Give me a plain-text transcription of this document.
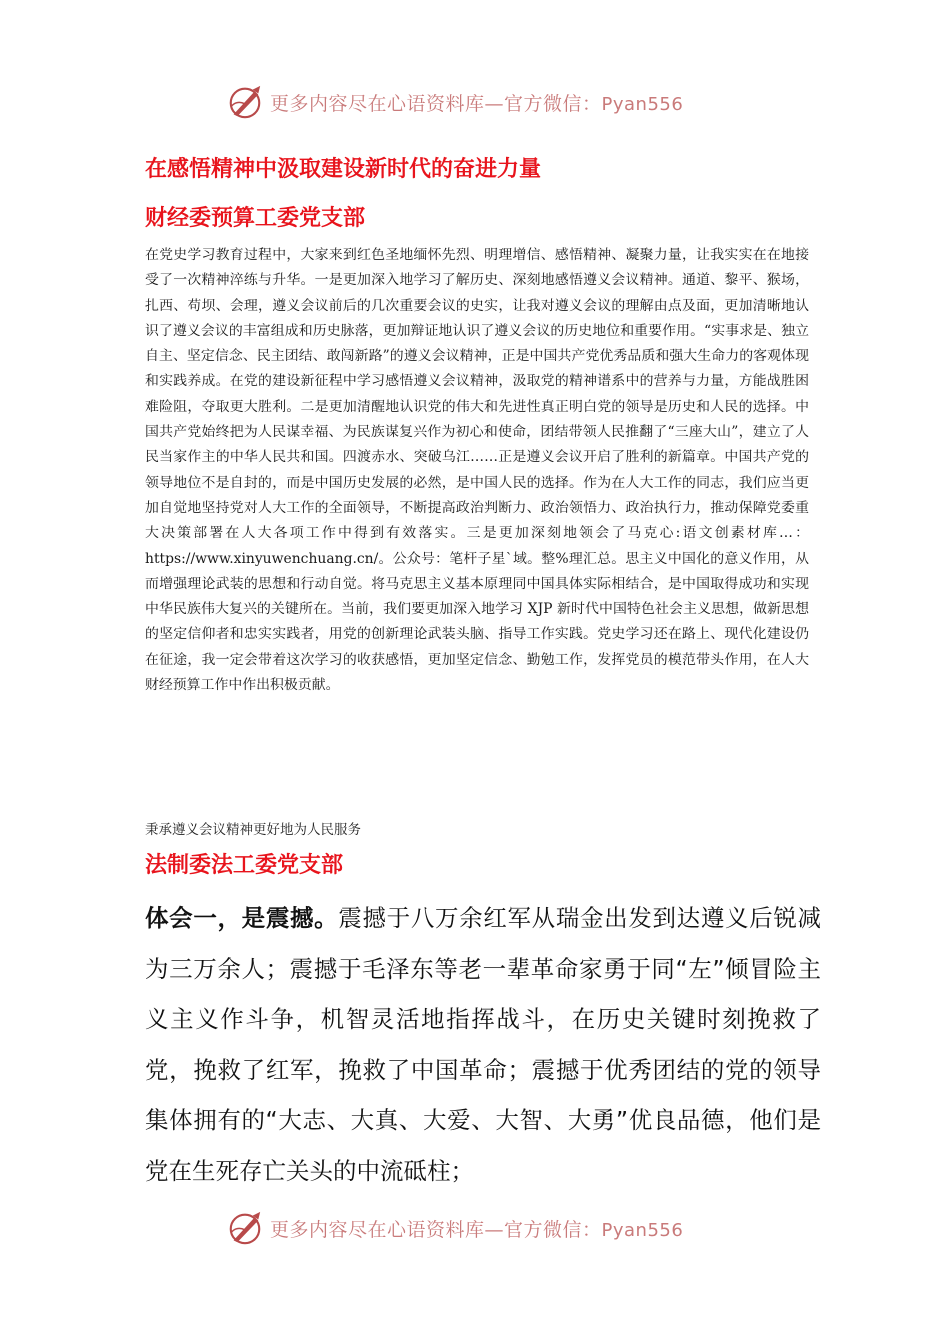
更多内容尽在心语资料库—官方微信：Pyan556
在感悟精神中汲取建设新时代的奋进力量
财经委预算工委党支部

在党史学习教育过程中，大家来到红色圣地缅怀先烈、明理增信、感悟精神、凝聚力量，让我实实在在地接受了一次精神淬练与升华。一是更加深入地学习了解历史、深刻地感悟遵义会议精神。通道、黎平、猴场，扎西、苟坝、会理，遵义会议前后的几次重要会议的史实，让我对遵义会议的理解由点及面，更加清晰地认识了遵义会议的丰富组成和历史脉落，更加辩证地认识了遵义会议的历史地位和重要作用。“实事求是、独立自主、坚定信念、民主团结、敢闯新路”的遵义会议精神，正是中国共产党优秀品质和强大生命力的客观体现和实践养成。在党的建设新征程中学习感悟遵义会议精神，汲取党的精神谱系中的营养与力量，方能战胜困难险阻，夺取更大胜利。二是更加清醒地认识党的伟大和先进性真正明白党的领导是历史和人民的选择。中国共产党始终把为人民谋幸福、为民族谋复兴作为初心和使命，团结带领人民推翻了“三座大山”，建立了人民当家作主的中华人民共和国。四渡赤水、突破乌江……正是遵义会议开启了胜利的新篇章。中国共产党的领导地位不是自封的，而是中国历史发展的必然，是中国人民的选择。作为在人大工作的同志，我们应当更加自觉地坚持党对人大工作的全面领导，不断提高政治判断力、政治领悟力、政治执行力，推动保障党委重大决策部署在人大各项工作中得到有效落实。三是更加深刻地领会了马克心:语文创素材库…：https://www.xinyuwenchuang.cn/。公众号：笔杆子星`域。整%理汇总。思主义中国化的意义作用，从而增强理论武装的思想和行动自觉。将马克思主义基本原理同中国具体实际相结合，是中国取得成功和实现中华民族伟大复兴的关键所在。当前，我们要更加深入地学习 XJP 新时代中国特色社会主义思想，做新思想的坚定信仰者和忠实实践者，用党的创新理论武装头脑、指导工作实践。党史学习还在路上、现代化建设仍在征途，我一定会带着这次学习的收获感悟，更加坚定信念、勤勉工作，发挥党员的模范带头作用，在人大财经预算工作中作出积极贡献。

秉承遵义会议精神更好地为人民服务

法制委法工委党支部

体会一，是震撼。震撼于八万余红军从瑞金出发到达遵义后锐减为三万余人；震撼于毛泽东等老一辈革命家勇于同“左”倾冒险主义主义作斗争，机智灵活地指挥战斗，在历史关键时刻挽救了党，挽救了红军，挽救了中国革命；震撼于优秀团结的党的领导集体拥有的“大志、大真、大爱、大智、大勇”优良品德，他们是党在生死存亡关头的中流砥柱；

更多内容尽在心语资料库—官方微信：Pyan556
